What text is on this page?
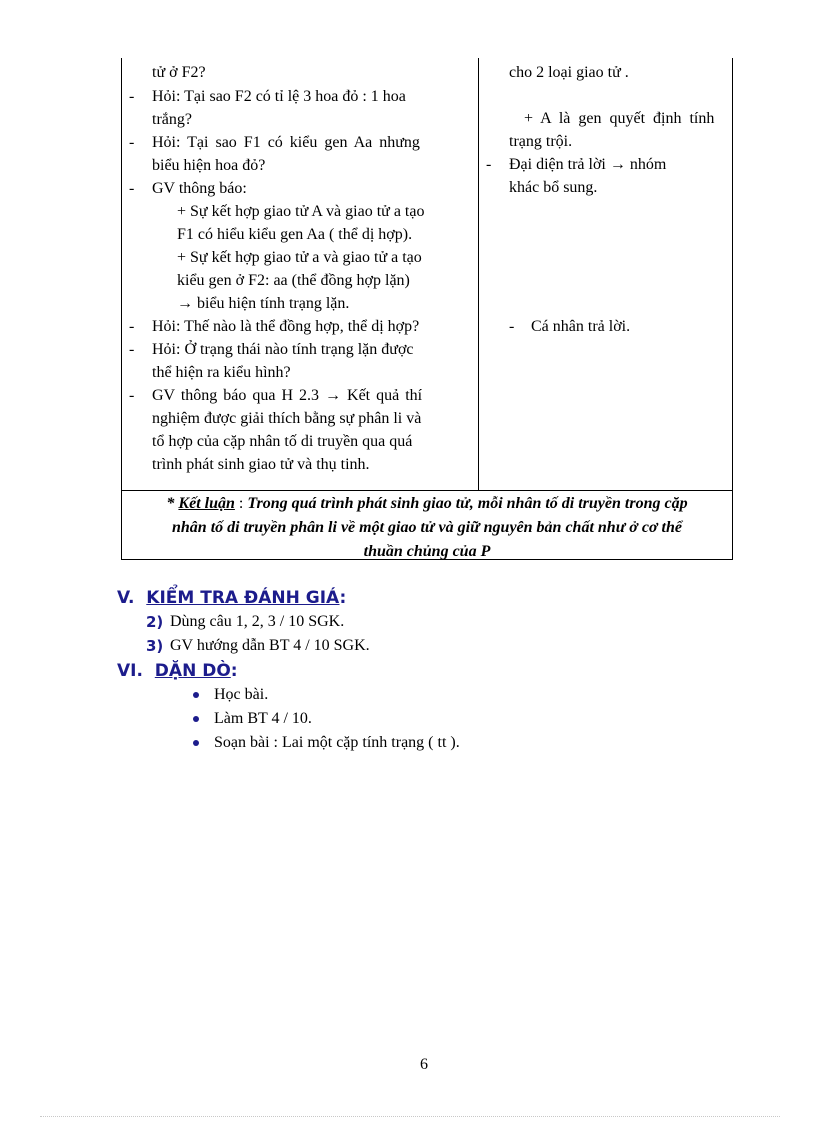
tử ở F2?
- Hỏi: Tại sao F2 có tỉ lệ 3 hoa đỏ : 1 hoa
trắng?
- Hỏi: Tại sao F1 có kiểu gen Aa nhưng
biểu hiện hoa đỏ?
- GV thông báo:
+ Sự kết hợp giao tử A và giao tử a tạo
F1 có hiểu kiểu gen Aa ( thể dị hợp).
+ Sự kết hợp giao tử a và giao tử a tạo
kiểu gen ở F2: aa (thể đồng hợp lặn)
→ biểu hiện tính trạng lặn.
- Hỏi: Thế nào là thể đồng hợp, thể dị hợp?
- Hỏi: Ở trạng thái nào tính trạng lặn được
thể hiện ra kiểu hình?
- GV thông báo qua H 2.3 → Kết quả thí
nghiệm được giải thích bằng sự phân li và
tổ hợp của cặp nhân tố di truyền qua quá
trình phát sinh giao tử và thụ tinh.
cho 2 loại giao tử .
+ A là gen quyết định tính
trạng trội.
- Đại diện trả lời → nhóm
khác bổ sung.
- Cá nhân trả lời.
* Kết luận : Trong quá trình phát sinh giao tử, mỗi nhân tố di truyền trong cặp
nhân tố di truyền phân li về một giao tử và giữ nguyên bản chất như ở cơ thể
thuần chủng của P
V. KIỂM TRA ĐÁNH GIÁ:
2) Dùng câu 1, 2, 3 / 10 SGK.
3) GV hướng dẫn BT 4 / 10 SGK.
VI. DẶN DÒ:
Học bài.
Làm BT 4 / 10.
Soạn bài : Lai một cặp tính trạng ( tt ).
6
